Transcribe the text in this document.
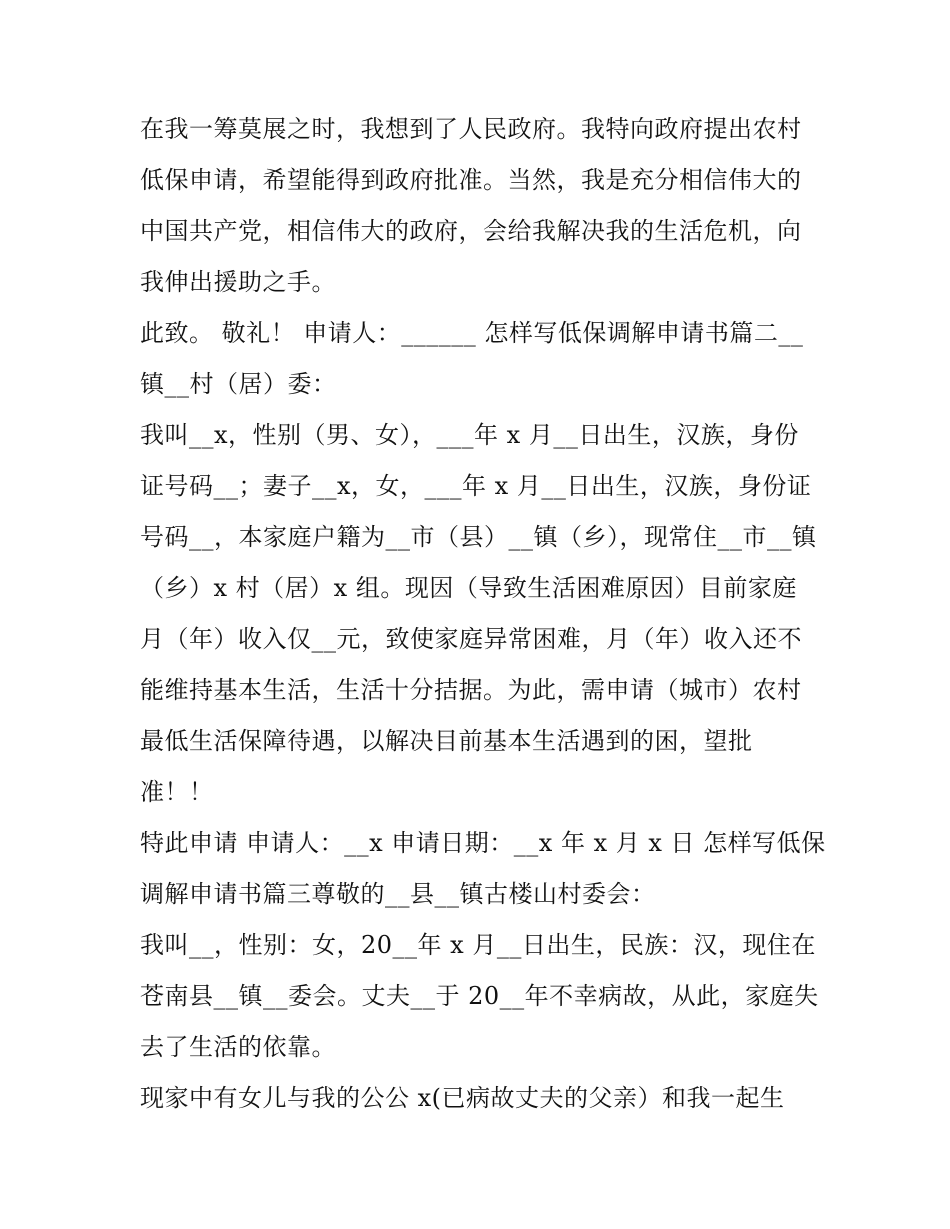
在我一筹莫展之时，我想到了人民政府。我特向政府提出农村
低保申请，希望能得到政府批准。当然，我是充分相信伟大的
中国共产党，相信伟大的政府，会给我解决我的生活危机，向
我伸出援助之手。
此致。 敬礼！ 申请人：______ 怎样写低保调解申请书篇二__
镇__村（居）委：
我叫__x，性别（男、女），___年 x 月__日出生，汉族，身份
证号码__；妻子__x，女，___年 x 月__日出生，汉族，身份证
号码__，本家庭户籍为__市（县）__镇（乡），现常住__市__镇
（乡）x 村（居）x 组。现因（导致生活困难原因）目前家庭
月（年）收入仅__元，致使家庭异常困难，月（年）收入还不
能维持基本生活，生活十分拮据。为此，需申请（城市）农村
最低生活保障待遇，以解决目前基本生活遇到的困，望批
准！！
特此申请 申请人：__x 申请日期：__x 年 x 月 x 日 怎样写低保
调解申请书篇三尊敬的__县__镇古楼山村委会：
我叫__，性别：女，20__年 x 月__日出生，民族：汉，现住在
苍南县__镇__委会。丈夫__于 20__年不幸病故，从此，家庭失
去了生活的依靠。
现家中有女儿与我的公公 x(已病故丈夫的父亲）和我一起生
